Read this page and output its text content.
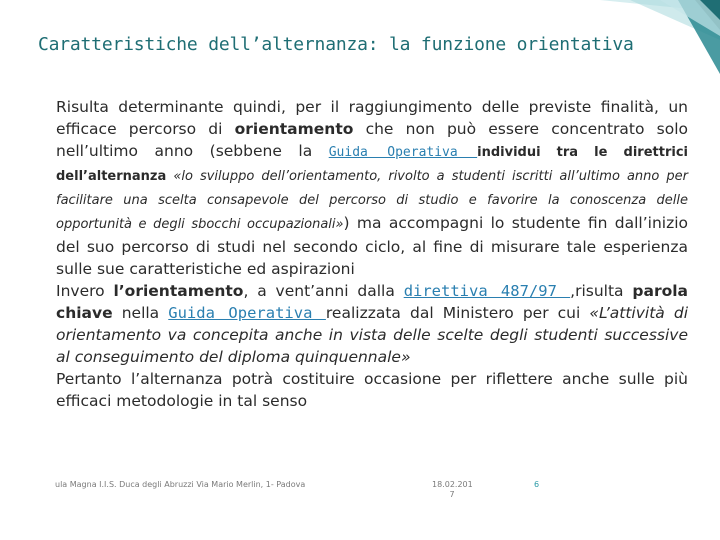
Caratteristiche dell’alternanza: la funzione orientativa
Risulta determinante quindi, per il raggiungimento delle previste finalità, un efficace percorso di orientamento che non può essere concentrato solo nell’ultimo anno (sebbene la Guida Operativa individui tra le direttrici dell’alternanza «lo sviluppo dell’orientamento, rivolto a studenti iscritti all’ultimo anno per facilitare una scelta consapevole del percorso di studio e favorire la conoscenza delle opportunità e degli sbocchi occupazionali») ma accompagni lo studente fin dall’inizio del suo percorso di studi nel secondo ciclo, al fine di misurare tale esperienza sulle sue caratteristiche ed aspirazioni
Invero l’orientamento, a vent’anni dalla direttiva 487/97 ,risulta parola chiave nella Guida Operativa realizzata dal Ministero per cui «L’attività di orientamento va concepita anche in vista delle scelte degli studenti successive al conseguimento del diploma quinquennale»
Pertanto l’alternanza potrà costituire occasione per riflettere anche sulle più efficaci metodologie in tal senso
ula Magna I.I.S. Duca degli Abruzzi Via Mario Merlin, 1- Padova	18.02.201
7
6
